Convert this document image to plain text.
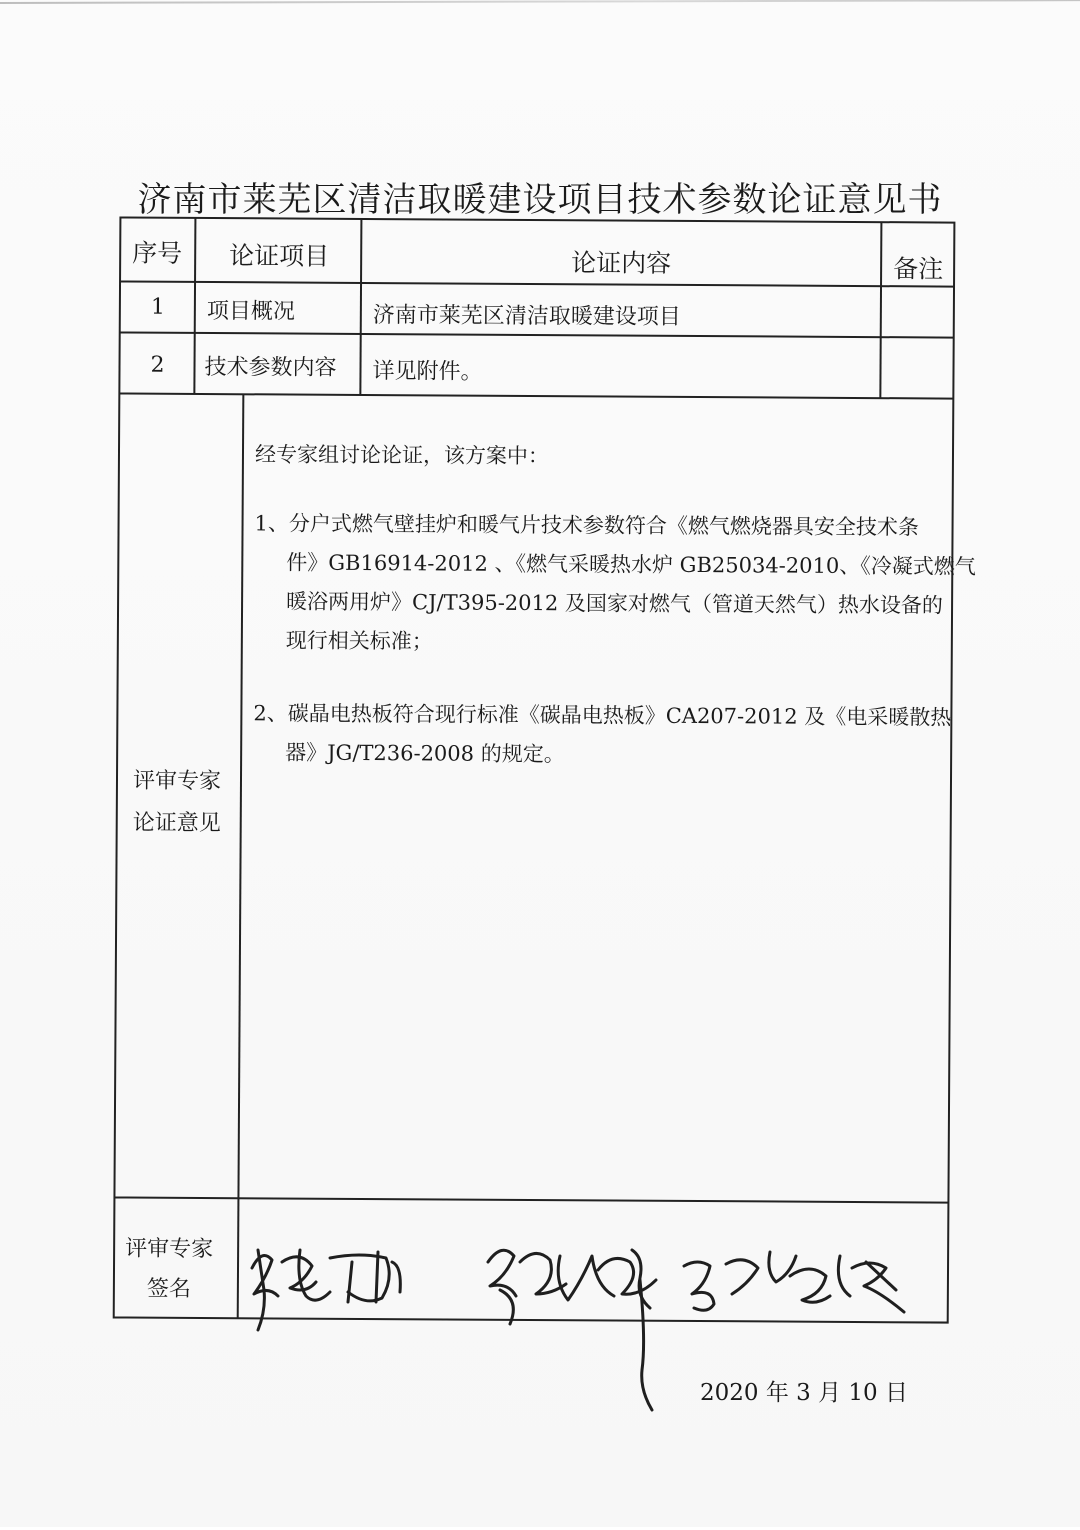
济南市莱芜区清洁取暖建设项目技术参数论证意见书
序号 论证项目	论证内容	备注
1 项目概况	济南市莱芜区清洁取暖建设项目
2 技术参数内容 详见附件。
评审专家
论证意见
经专家组讨论论证，该方案中：
1、分户式燃气壁挂炉和暖气片技术参数符合《燃气燃烧器具安全技术条
件》GB16914-2012 、《燃气采暖热水炉 GB25034-2010、《冷凝式燃气
暖浴两用炉》CJ/T395-2012 及国家对燃气（管道天然气）热水设备的
现行相关标准；
2、碳晶电热板符合现行标准《碳晶电热板》CA207-2012 及《电采暖散热
器》JG/T236-2008 的规定。
评审专家
签名
2020 年 3 月 10 日
